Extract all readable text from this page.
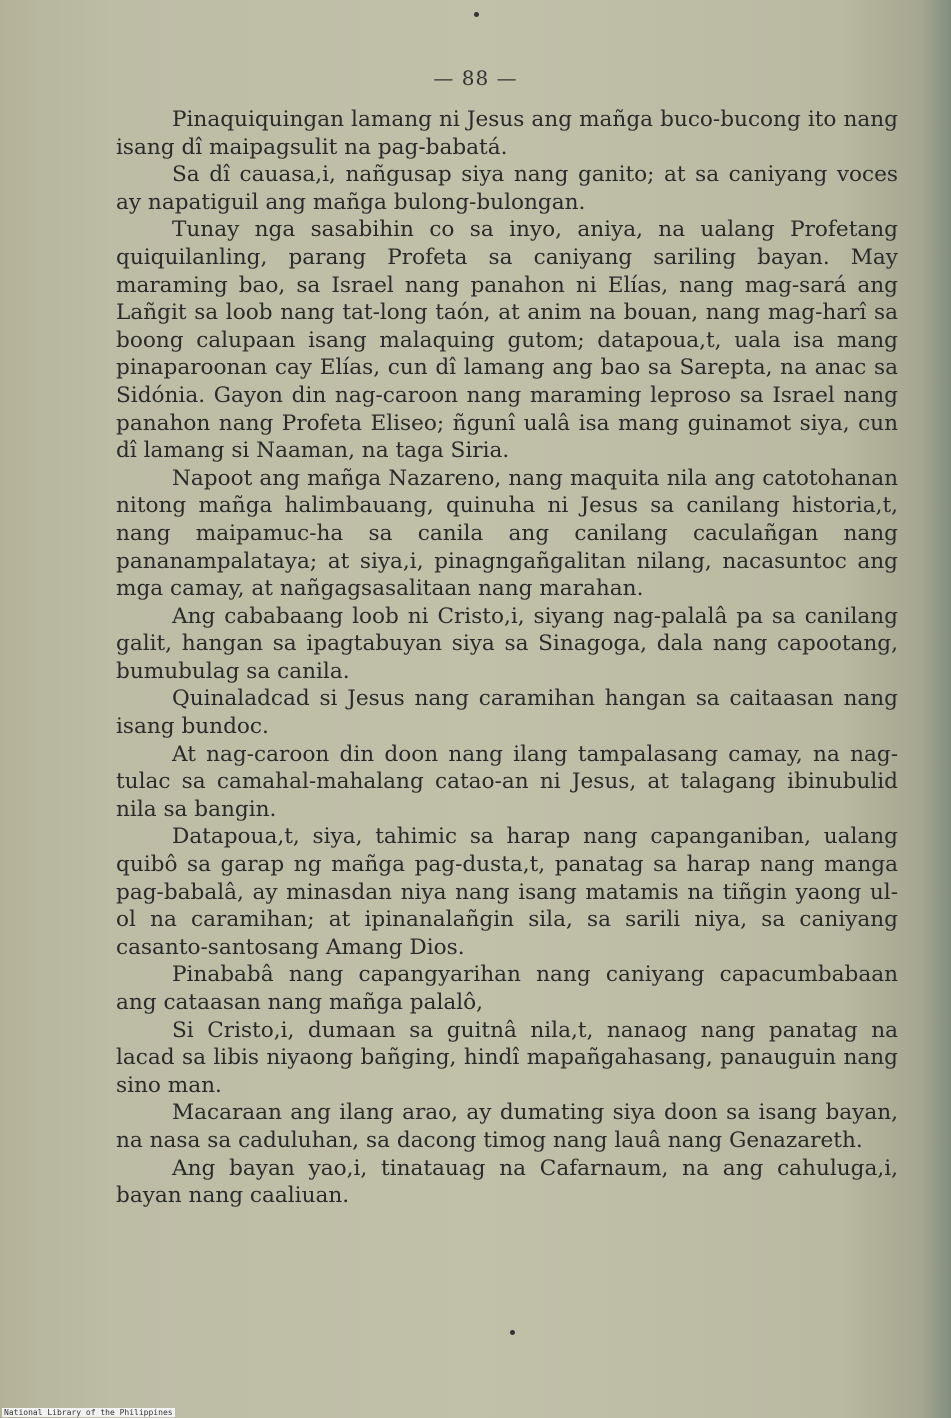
— 88 —

Pinaquiquingan lamang ni Jesus ang mañga buco-bucong ito nang isang dî maipagsulit na pag-babatá.

Sa dî cauasa,i, nañgusap siya nang ganito; at sa caniyang voces ay napatiguil ang mañga bulong-bulongan.

Tunay nga sasabihin co sa inyo, aniya, na ualang Profetang quiquilanling, parang Profeta sa caniyang sariling bayan. May maraming bao, sa Israel nang panahon ni Elías, nang mag-sará ang Lañgit sa loob nang tat-long taón, at anim na bouan, nang mag-harî sa boong calupaan isang malaquing gutom; datapoua,t, uala isa mang pinaparoonan cay Elías, cun dî lamang ang bao sa Sarepta, na anac sa Sidónia. Gayon din nag-caroon nang maraming leproso sa Israel nang panahon nang Profeta Eliseo; ñgunî ualâ isa mang guinamot siya, cun dî lamang si Naaman, na taga Siria.

Napoot ang mañga Nazareno, nang maquita nila ang catotohanan nitong mañga halimbauang, quinuha ni Jesus sa canilang historia,t, nang maipamuc-ha sa canila ang canilang caculañgan nang pananampalataya; at siya,i, pinagngañgalitan nilang, nacasuntoc ang mga camay, at nañgagsasalitaan nang marahan.

Ang cababaang loob ni Cristo,i, siyang nag-palalâ pa sa canilang galit, hangan sa ipagtabuyan siya sa Sinagoga, dala nang capootang, bumubulag sa canila.

Quinaladcad si Jesus nang caramihan hangan sa caitaasan nang isang bundoc.

At nag-caroon din doon nang ilang tampalasang camay, na nag-tulac sa camahal-mahalang catao-an ni Jesus, at talagang ibinubulid nila sa bangin.

Datapoua,t, siya, tahimic sa harap nang capanganiban, ualang quibô sa garap ng mañga pag-dusta,t, panatag sa harap nang manga pag-babalâ, ay minasdan niya nang isang matamis na tiñgin yaong ul-ol na caramihan; at ipinanalañgin sila, sa sarili niya, sa caniyang casanto-santosang Amang Dios.

Pinababâ nang capangyarihan nang caniyang capacumbabaan ang cataasan nang mañga palalô,

Si Cristo,i, dumaan sa guitnâ nila,t, nanaog nang panatag na lacad sa libis niyaong bañging, hindî mapañgahasang, panauguin nang sino man.

Macaraan ang ilang arao, ay dumating siya doon sa isang bayan, na nasa sa caduluhan, sa dacong timog nang lauâ nang Genazareth.

Ang bayan yao,i, tinatauag na Cafarnaum, na ang cahuluga,i, bayan nang caaliuan.

National Library of the Philippines
